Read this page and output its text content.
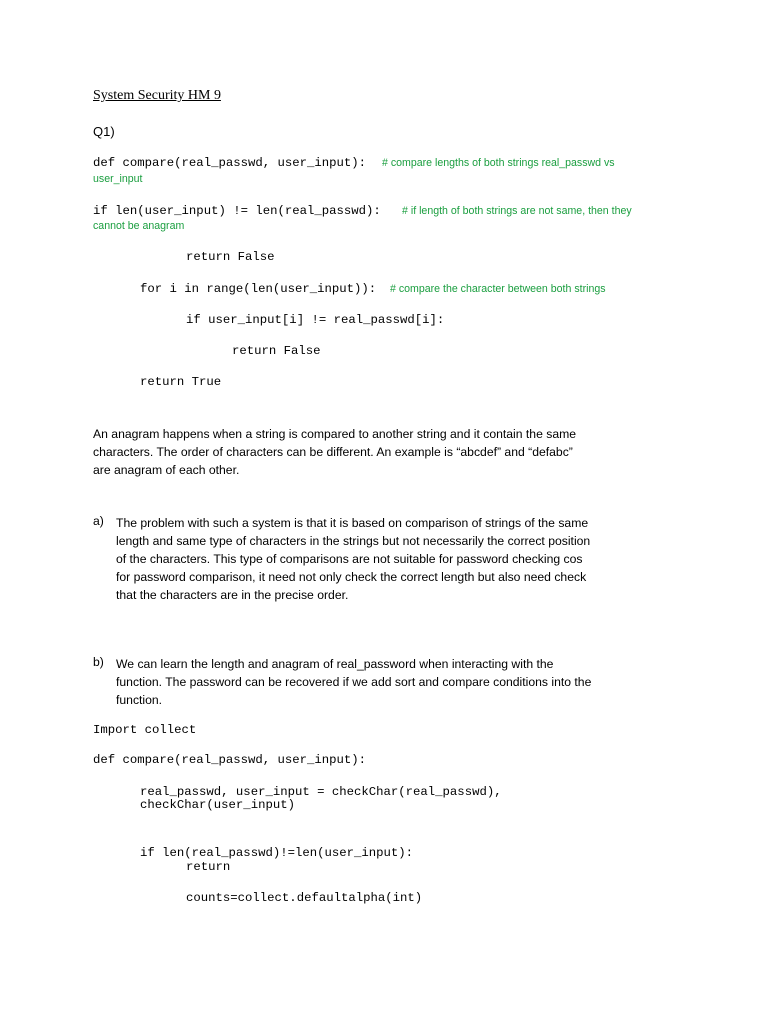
System Security HM 9
Q1)
def compare(real_passwd, user_input): # compare lengths of both strings real_passwd vs
user_input
if len(user_input) != len(real_passwd): # if length of both strings are not same, then they
cannot be anagram
return False
for i in range(len(user_input)): # compare the character between both strings
if user_input[i] != real_passwd[i]:
return False
return True
An anagram happens when a string is compared to another string and it contain the same
characters. The order of characters can be different. An example is “abcdef” and “defabc”
are anagram of each other.
a) The problem with such a system is that it is based on comparison of strings of the same
length and same type of characters in the strings but not necessarily the correct position
of the characters. This type of comparisons are not suitable for password checking cos
for password comparison, it need not only check the correct length but also need check
that the characters are in the precise order.
b) We can learn the length and anagram of real_password when interacting with the
function. The password can be recovered if we add sort and compare conditions into the
function.
Import collect
def compare(real_passwd, user_input):
real_passwd, user_input = checkChar(real_passwd),
checkChar(user_input)
if len(real_passwd)!=len(user_input):
return
counts=collect.defaultalpha(int)
